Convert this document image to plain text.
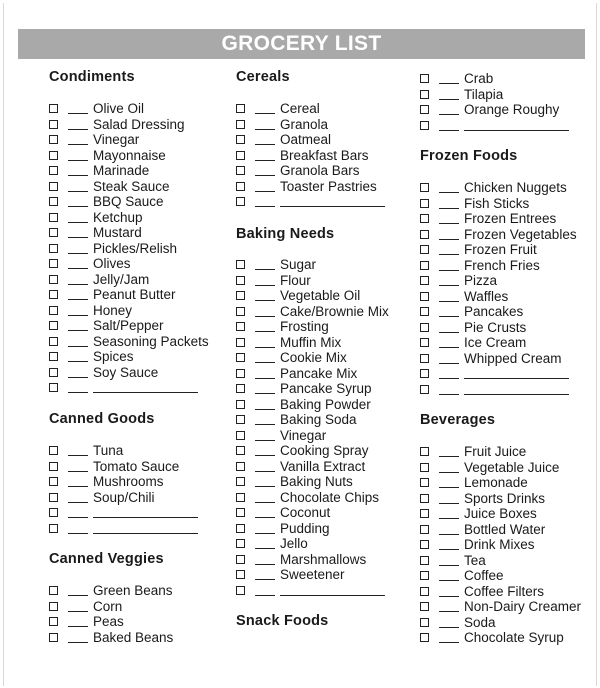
GROCERY LIST
Condiments
Olive Oil
Salad Dressing
Vinegar
Mayonnaise
Marinade
Steak Sauce
BBQ Sauce
Ketchup
Mustard
Pickles/Relish
Olives
Jelly/Jam
Peanut Butter
Honey
Salt/Pepper
Seasoning Packets
Spices
Soy Sauce
Canned Goods
Tuna
Tomato Sauce
Mushrooms
Soup/Chili
Canned Veggies
Green Beans
Corn
Peas
Baked Beans
Cereals
Cereal
Granola
Oatmeal
Breakfast Bars
Granola Bars
Toaster Pastries
Baking Needs
Sugar
Flour
Vegetable Oil
Cake/Brownie Mix
Frosting
Muffin Mix
Cookie Mix
Pancake Mix
Pancake Syrup
Baking Powder
Baking Soda
Vinegar
Cooking Spray
Vanilla Extract
Baking Nuts
Chocolate Chips
Coconut
Pudding
Jello
Marshmallows
Sweetener
Snack Foods
Crab
Tilapia
Orange Roughy
Frozen Foods
Chicken Nuggets
Fish Sticks
Frozen Entrees
Frozen Vegetables
Frozen Fruit
French Fries
Pizza
Waffles
Pancakes
Pie Crusts
Ice Cream
Whipped Cream
Beverages
Fruit Juice
Vegetable Juice
Lemonade
Sports Drinks
Juice Boxes
Bottled Water
Drink Mixes
Tea
Coffee
Coffee Filters
Non-Dairy Creamer
Soda
Chocolate Syrup
